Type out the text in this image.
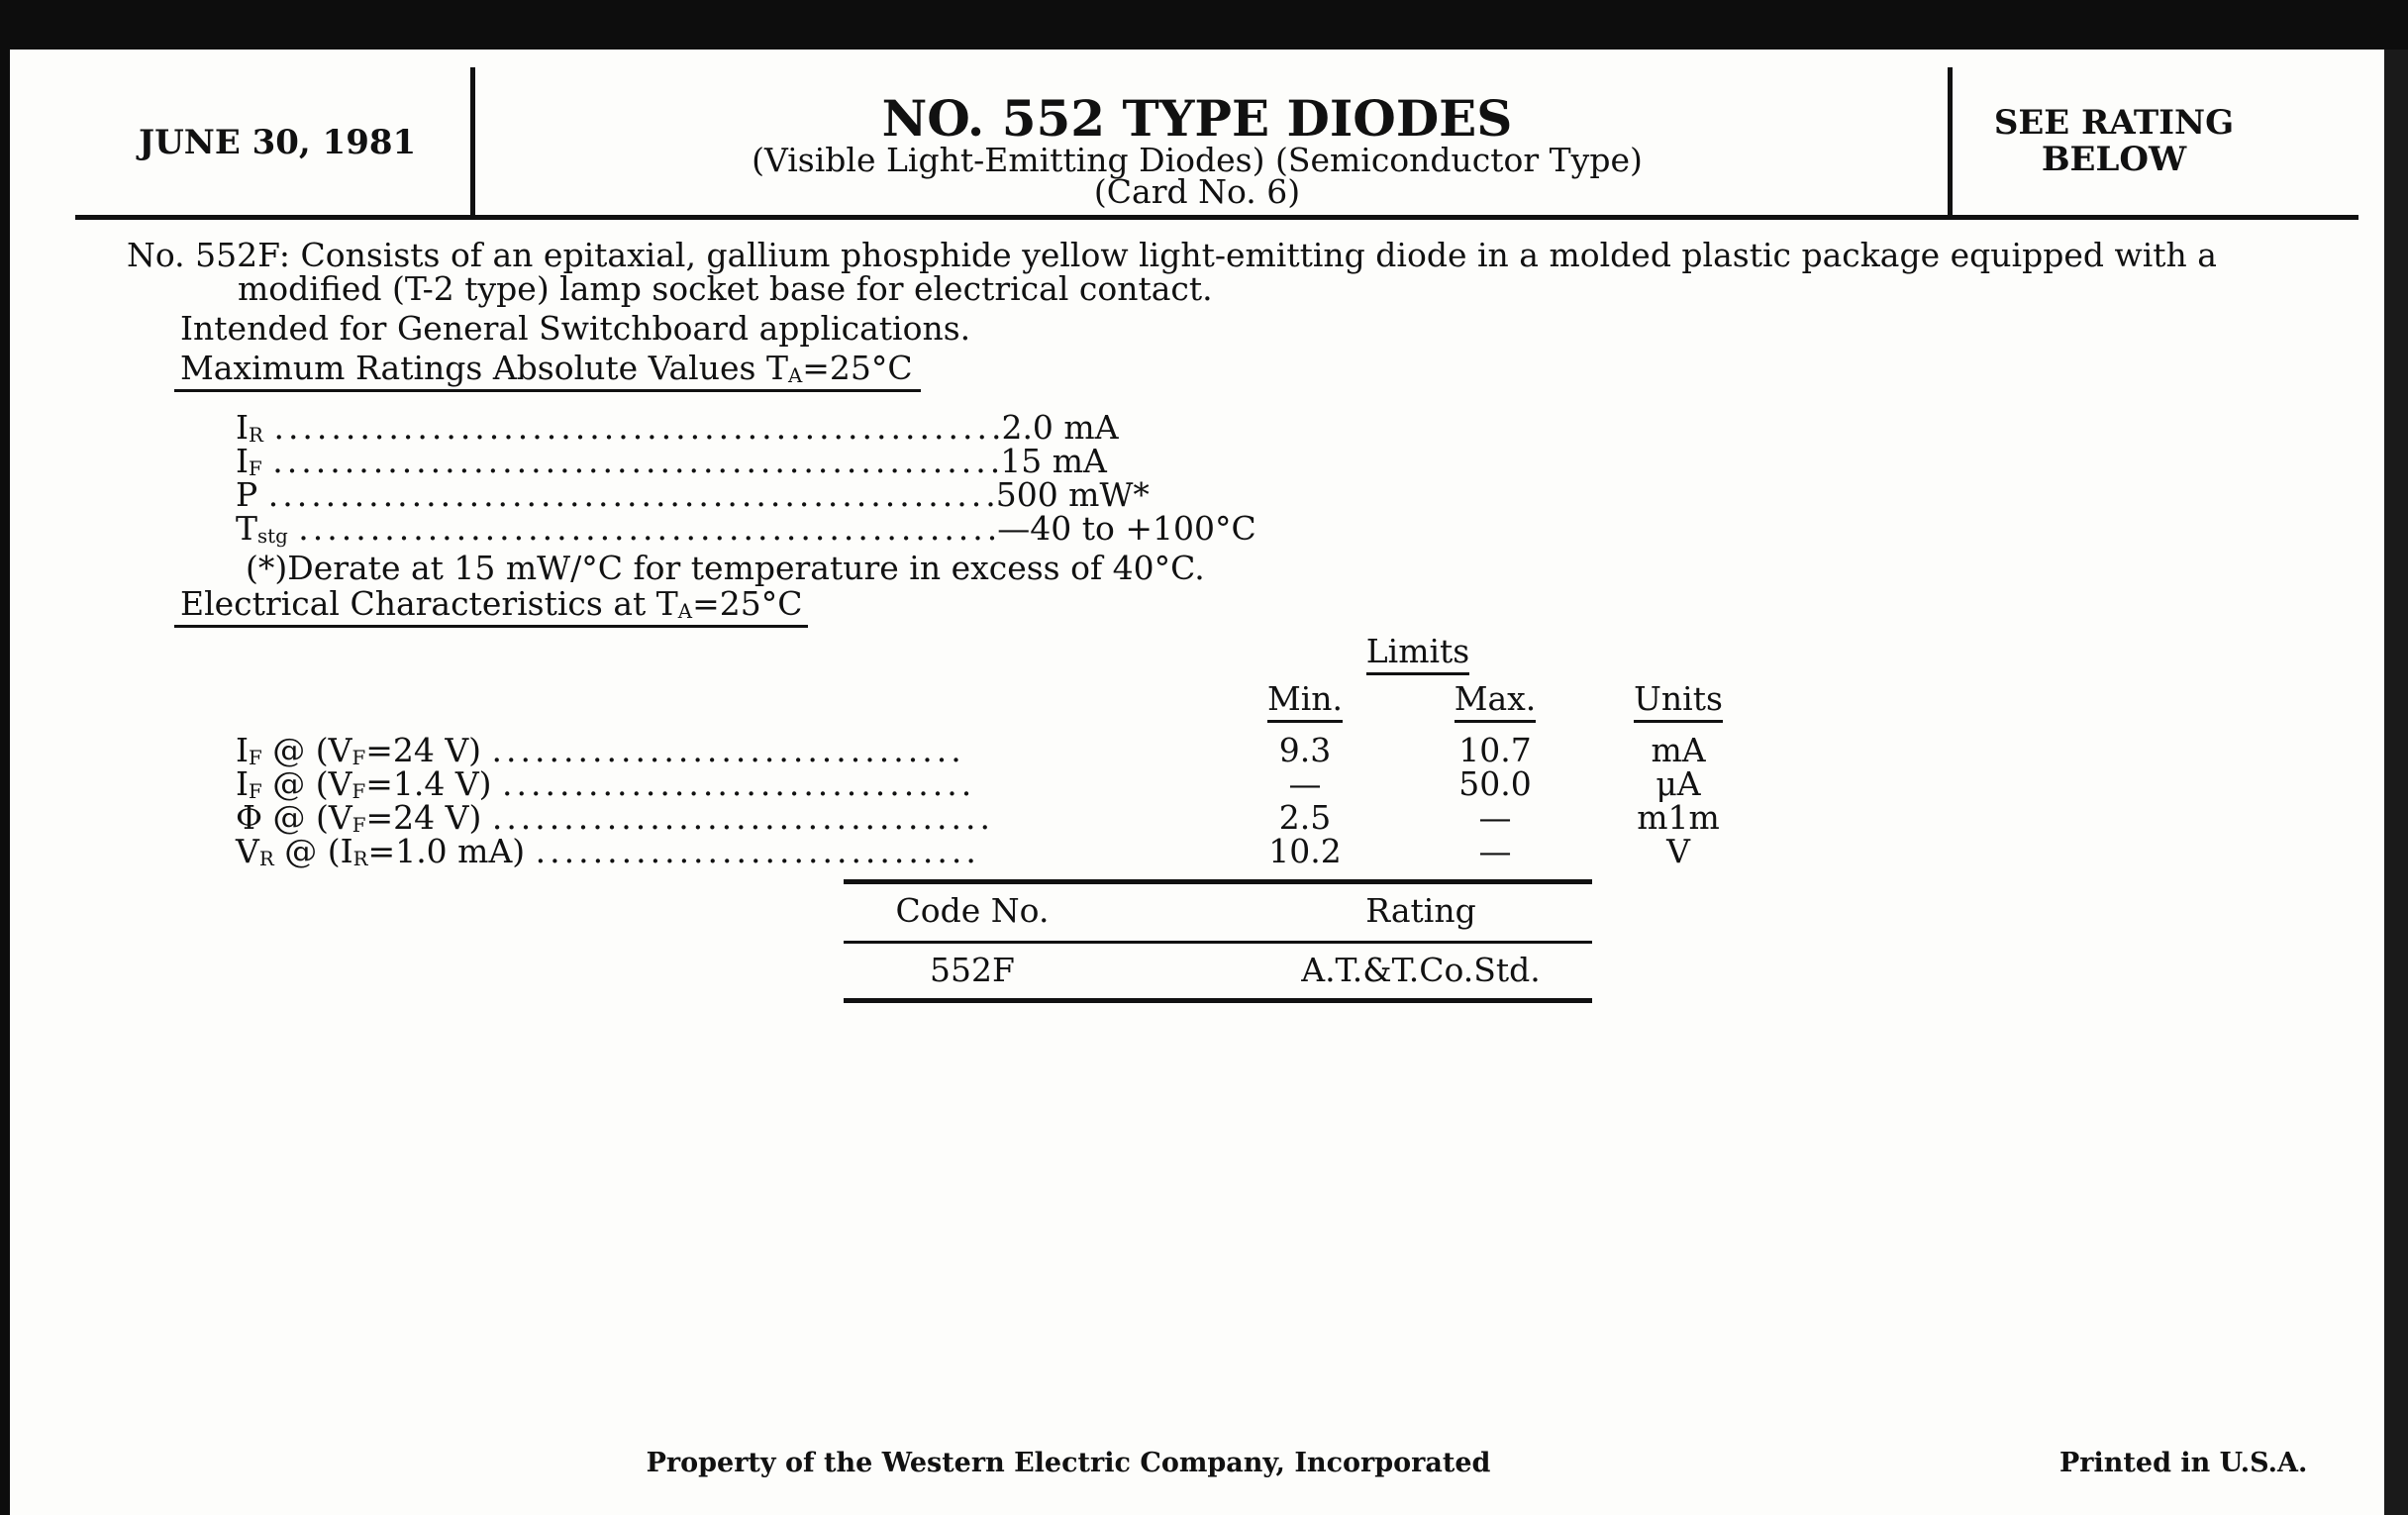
JUNE 30, 1981	NO. 552 TYPE DIODES
(Visible Light-Emitting Diodes) (Semiconductor Type)
(Card No. 6)
SEE RATING
BELOW
No. 552F: Consists of an epitaxial, gallium phosphide yellow light-emitting diode in a molded plastic package equipped with a
modified (T-2 type) lamp socket base for electrical contact.
Intended for General Switchboard applications.
Maximum Ratings Absolute Values $T_A=25^\circ C$
$I_R$ ...................................................2.0 mA
$I_F$ ...................................................15 mA
P ...................................................500 mW*
$T_{stg}$ .................................................—40 to +100°C
(*)Derate at 15 mW/°C for temperature in excess of 40°C.
Electrical Characteristics at $T_A=25^\circ C$
Limits
Min.	Max.	Units
$I_F$ @ ($V_F=24$ V) .................................	9.3	10.7	mA
$I_F$ @ ($V_F=1.4$ V) .................................	—	50.0	μA
Φ @ ($V_F=24$ V) ...................................	2.5	—	m1m
$V_R$ @ ($I_R=1.0$ mA) ...............................	10.2	—	V
Code No.	Rating
552F	A.T.&T.Co.Std.
Property of the Western Electric Company, Incorporated	Printed in U.S.A.
